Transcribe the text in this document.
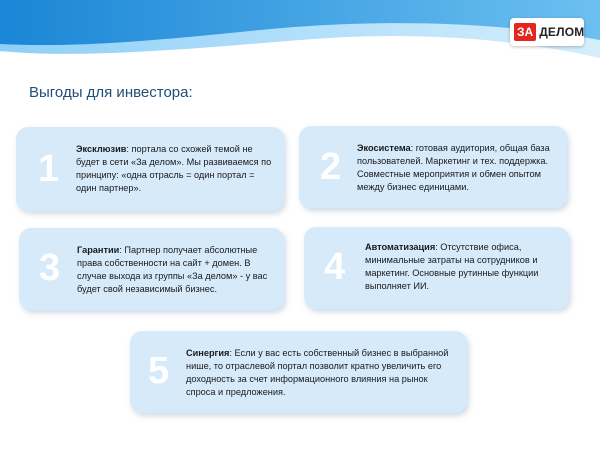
ЗА ДЕЛОМ
Выгоды для инвестора:
1 Эксклюзив: портала со схожей темой не будет в сети «За делом». Мы развиваемся по принципу: «одна отрасль = один портал = один партнер».	2 Экосистема: готовая аудитория, общая база пользователей. Маркетинг и тех. поддержка. Совместные мероприятия и обмен опытом между бизнес единицами.
3 Гарантии: Партнер получает абсолютные права собственности на сайт + домен. В случае выхода из группы «За делом» - у вас будет свой независимый бизнес.
4 Автоматизация: Отсутствие офиса, минимальные затраты на сотрудников и маркетинг. Основные рутинные функции выполняет ИИ.
5 Синергия: Если у вас есть собственный бизнес в выбранной нише, то отраслевой портал позволит кратно увеличить его доходность за счет информационного влияния на рынок спроса и предложения.
